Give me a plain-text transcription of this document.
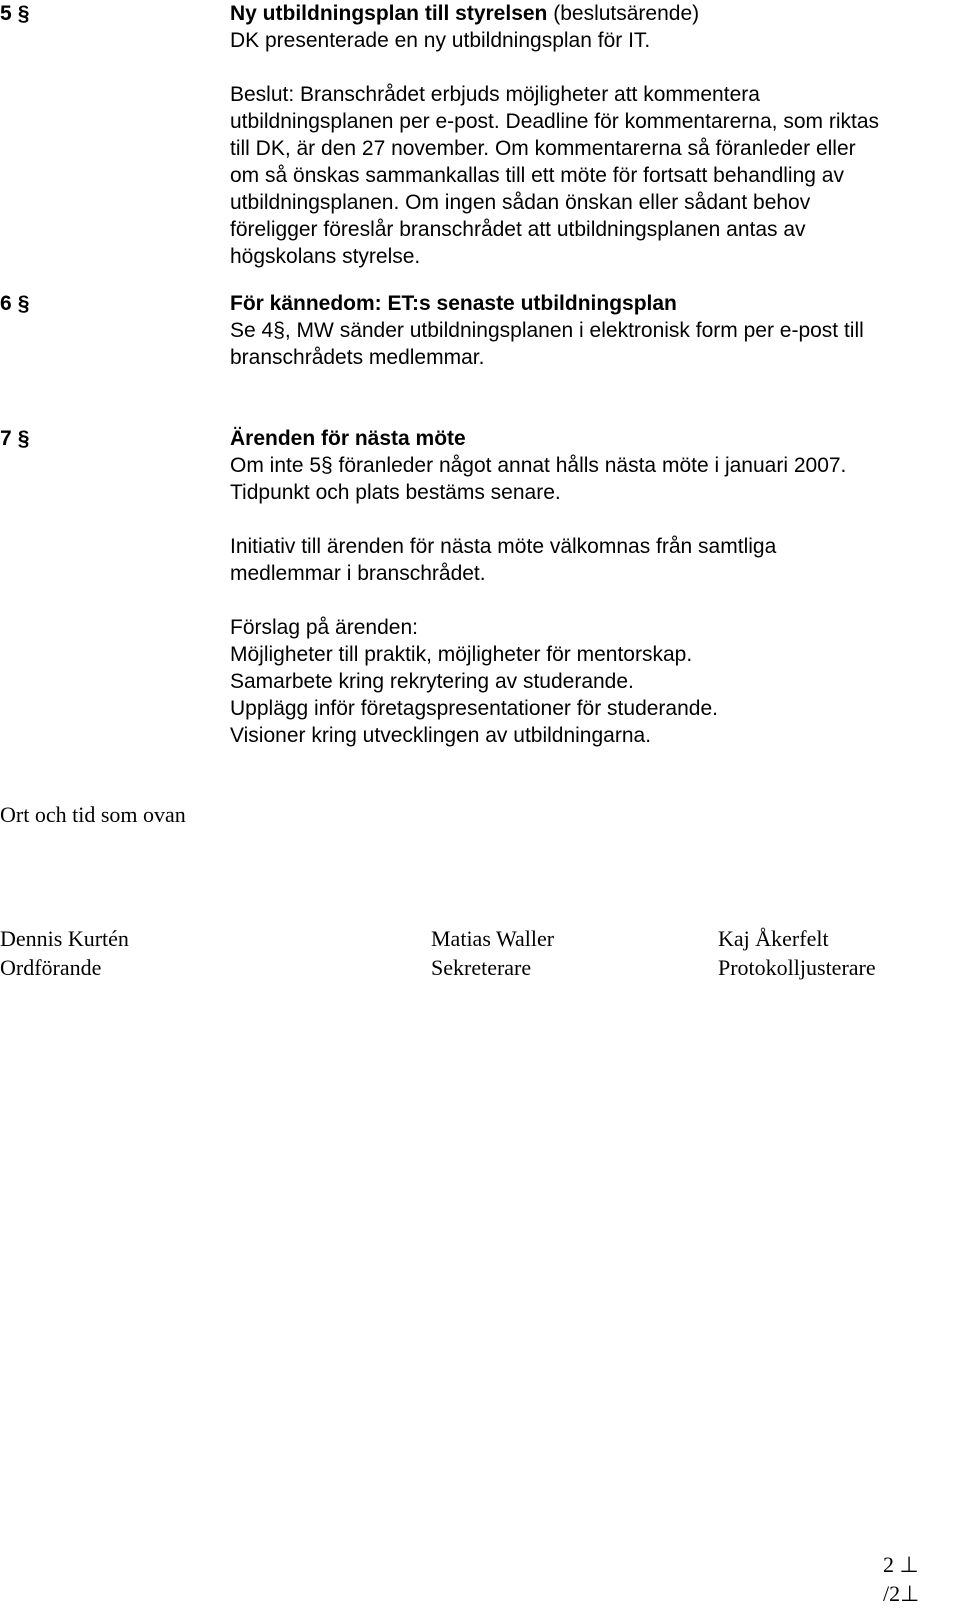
5 §	Ny utbildningsplan till styrelsen (beslutsärende)
DK presenterade en ny utbildningsplan för IT.
Beslut: Branschrådet erbjuds möjligheter att kommentera
utbildningsplanen per e-post. Deadline för kommentarerna, som riktas
till DK, är den 27 november. Om kommentarerna så föranleder eller
om så önskas sammankallas till ett möte för fortsatt behandling av
utbildningsplanen. Om ingen sådan önskan eller sådant behov
föreligger föreslår branschrådet att utbildningsplanen antas av
högskolans styrelse.
6 §	För kännedom: ET:s senaste utbildningsplan
Se 4§, MW sänder utbildningsplanen i elektronisk form per e-post till
branschrådets medlemmar.
7 §	Ärenden för nästa möte
Om inte 5§ föranleder något annat hålls nästa möte i januari 2007.
Tidpunkt och plats bestäms senare.
Initiativ till ärenden för nästa möte välkomnas från samtliga
medlemmar i branschrådet.
Förslag på ärenden:
Möjligheter till praktik, möjligheter för mentorskap.
Samarbete kring rekrytering av studerande.
Upplägg inför företagspresentationer för studerande.
Visioner kring utvecklingen av utbildningarna.
Ort och tid som ovan
Dennis Kurtén
Ordförande
Matias Waller
Sekreterare
Kaj Åkerfelt
Protokolljusterare
2 ⊥ /2⊥
